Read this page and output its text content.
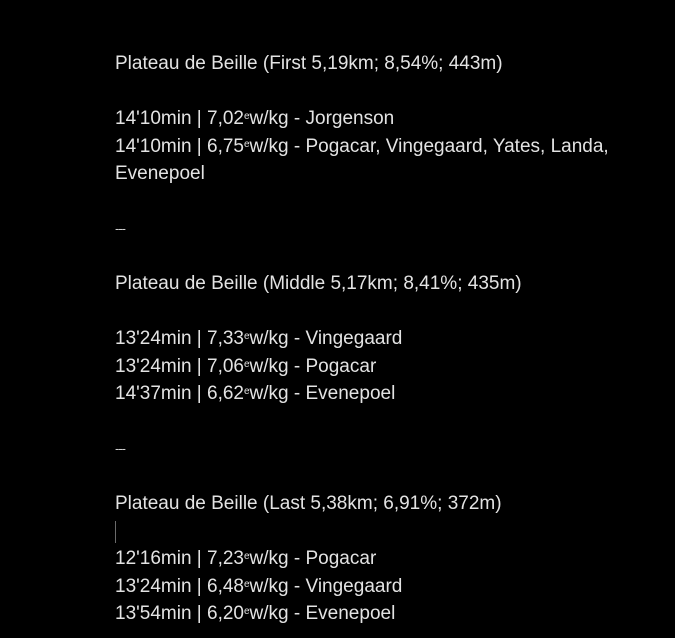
Plateau de Beille (First 5,19km; 8,54%; 443m)
14'10min | 7,02ew/kg - Jorgenson
14'10min | 6,75ew/kg - Pogacar, Vingegaard, Yates, Landa, Evenepoel
---
Plateau de Beille (Middle 5,17km; 8,41%; 435m)
13'24min | 7,33ew/kg - Vingegaard
13'24min | 7,06ew/kg - Pogacar
14'37min | 6,62ew/kg - Evenepoel
---
Plateau de Beille (Last 5,38km; 6,91%; 372m)
12'16min | 7,23ew/kg - Pogacar
13'24min | 6,48ew/kg - Vingegaard
13'54min | 6,20ew/kg - Evenepoel
